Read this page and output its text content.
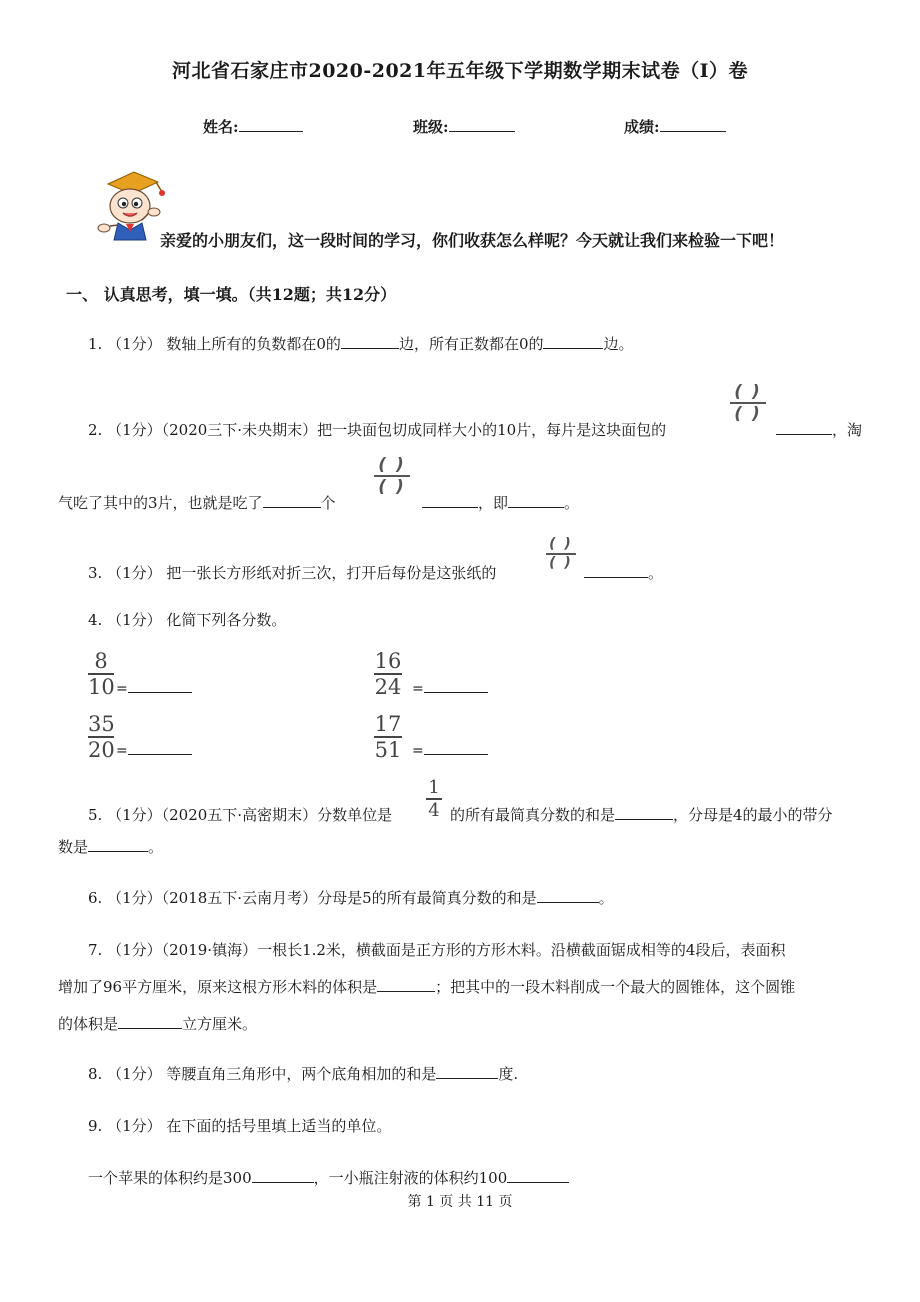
河北省石家庄市2020-2021年五年级下学期数学期末试卷（I）卷
姓名:	班级:	成绩:
亲爱的小朋友们，这一段时间的学习，你们收获怎么样呢？今天就让我们来检验一下吧！
一、 认真思考，填一填。（共12题；共12分）
1. （1分） 数轴上所有的负数都在0的	边，所有正数都在0的	边。
2. （1分）（2020三下·未央期末）把一块面包切成同样大小的10片，每片是这块面包的
( )
( )
，淘
气吃了其中的3片，也就是吃了	个
( )
( )
，即	。
3. （1分） 把一张长方形纸对折三次，打开后每份是这张纸的
( )
( )
。
4. （1分） 化简下列各分数。
8
10 =
16
24 =
35
20 =
17
51 =
5. （1分）（2020五下·高密期末）分数单位是
1
4 的所有最简真分数的和是	，分母是4的最小的带分
数是	。
6. （1分）（2018五下·云南月考）分母是5的所有最简真分数的和是	。
7. （1分）（2019·镇海）一根长1.2米，横截面是正方形的方形木料。沿横截面锯成相等的4段后，表面积
增加了96平方厘米，原来这根方形木料的体积是	；把其中的一段木料削成一个最大的圆锥体，这个圆锥
的体积是	立方厘米。
8. （1分） 等腰直角三角形中，两个底角相加的和是	度.
9. （1分） 在下面的括号里填上适当的单位。
一个苹果的体积约是300	，一小瓶注射液的体积约100
第 1 页 共 11 页
